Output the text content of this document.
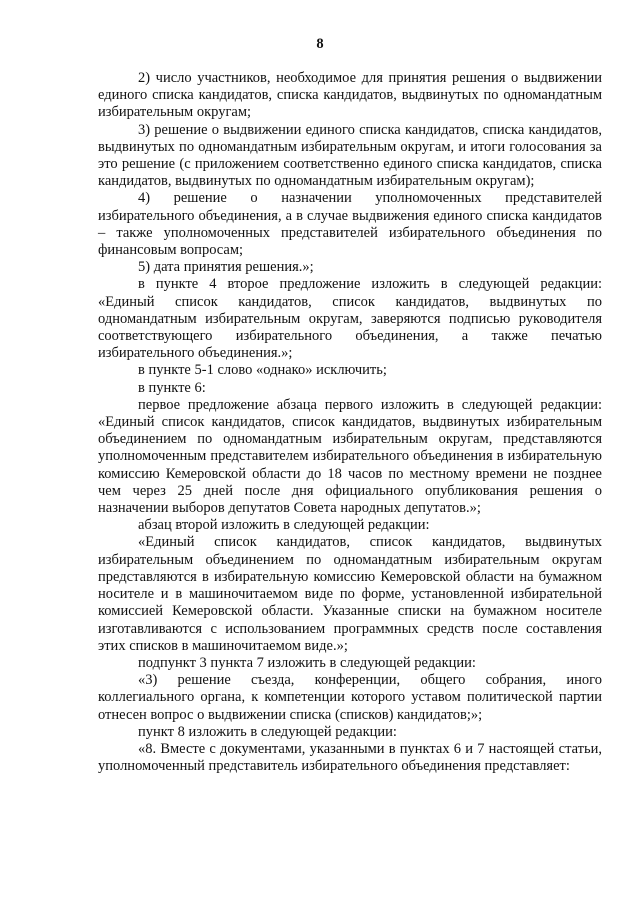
8

2) число участников, необходимое для принятия решения о выдвижении единого списка кандидатов, списка кандидатов, выдвинутых по одномандатным избирательным округам;

3) решение о выдвижении единого списка кандидатов, списка кандидатов, выдвинутых по одномандатным избирательным округам, и итоги голосования за это решение (с приложением соответственно единого списка кандидатов, списка кандидатов, выдвинутых по одномандатным избирательным округам);

4) решение о назначении уполномоченных представителей избирательного объединения, а в случае выдвижения единого списка кандидатов – также уполномоченных представителей избирательного объединения по финансовым вопросам;

5) дата принятия решения.»;

в пункте 4 второе предложение изложить в следующей редакции: «Единый список кандидатов, список кандидатов, выдвинутых по одномандатным избирательным округам, заверяются подписью руководителя соответствующего избирательного объединения, а также печатью избирательного объединения.»;

в пункте 5-1 слово «однако» исключить;

в пункте 6:

первое предложение абзаца первого изложить в следующей редакции: «Единый список кандидатов, список кандидатов, выдвинутых избирательным объединением по одномандатным избирательным округам, представляются уполномоченным представителем избирательного объединения в избирательную комиссию Кемеровской области до 18 часов по местному времени не позднее чем через 25 дней после дня официального опубликования решения о назначении выборов депутатов Совета народных депутатов.»;

абзац второй изложить в следующей редакции:

«Единый список кандидатов, список кандидатов, выдвинутых избирательным объединением по одномандатным избирательным округам представляются в избирательную комиссию Кемеровской области на бумажном носителе и в машиночитаемом виде по форме, установленной избирательной комиссией Кемеровской области. Указанные списки на бумажном носителе изготавливаются с использованием программных средств после составления этих списков в машиночитаемом виде.»;

подпункт 3 пункта 7 изложить в следующей редакции:

«3) решение съезда, конференции, общего собрания, иного коллегиального органа, к компетенции которого уставом политической партии отнесен вопрос о выдвижении списка (списков) кандидатов;»;

пункт 8 изложить в следующей редакции:

«8. Вместе с документами, указанными в пунктах 6 и 7 настоящей статьи, уполномоченный представитель избирательного объединения представляет:
